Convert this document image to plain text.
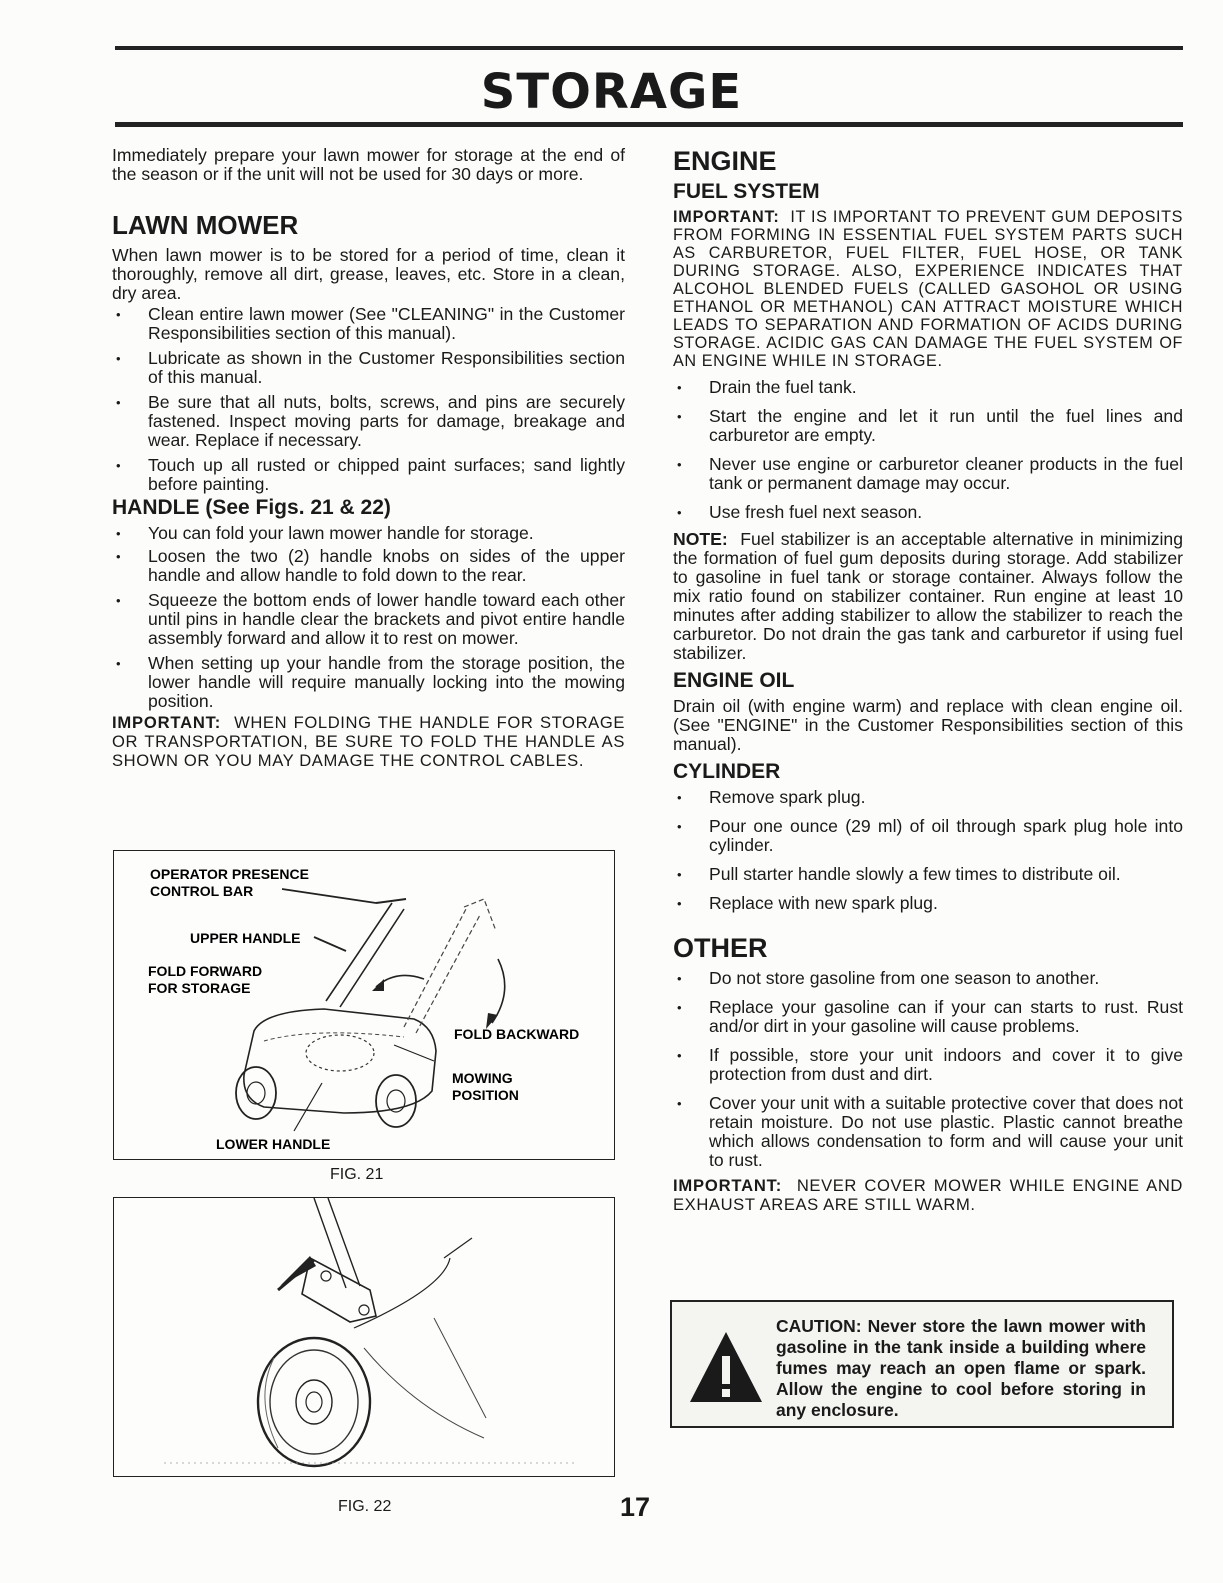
STORAGE

Immediately prepare your lawn mower for storage at the end of the season or if the unit will not be used for 30 days or more.

LAWN MOWER

When lawn mower is to be stored for a period of time, clean it thoroughly, remove all dirt, grease, leaves, etc. Store in a clean, dry area.

• Clean entire lawn mower (See "CLEANING" in the Customer Responsibilities section of this manual).
• Lubricate as shown in the Customer Responsibilities section of this manual.
• Be sure that all nuts, bolts, screws, and pins are securely fastened. Inspect moving parts for damage, breakage and wear. Replace if necessary.
• Touch up all rusted or chipped paint surfaces; sand lightly before painting.
HANDLE (See Figs. 21 & 22)
• You can fold your lawn mower handle for storage.
• Loosen the two (2) handle knobs on sides of the upper handle and allow handle to fold down to the rear.
• Squeeze the bottom ends of lower handle toward each other until pins in handle clear the brackets and pivot entire handle assembly forward and allow it to rest on mower.
• When setting up your handle from the storage position, the lower handle will require manually locking into the mowing position.

IMPORTANT: WHEN FOLDING THE HANDLE FOR STORAGE OR TRANSPORTATION, BE SURE TO FOLD THE HANDLE AS SHOWN OR YOU MAY DAMAGE THE CONTROL CABLES.

OPERATOR PRESENCE
CONTROL BAR
UPPER HANDLE
FOLD FORWARD
FOR STORAGE
FOLD BACKWARD
MOWING
POSITION
LOWER HANDLE
FIG. 21
FIG. 22
ENGINE
FUEL SYSTEM

IMPORTANT: IT IS IMPORTANT TO PREVENT GUM DEPOSITS FROM FORMING IN ESSENTIAL FUEL SYSTEM PARTS SUCH AS CARBURETOR, FUEL FILTER, FUEL HOSE, OR TANK DURING STORAGE. ALSO, EXPERIENCE INDICATES THAT ALCOHOL BLENDED FUELS (CALLED GASOHOL OR USING ETHANOL OR METHANOL) CAN ATTRACT MOISTURE WHICH LEADS TO SEPARATION AND FORMATION OF ACIDS DURING STORAGE. ACIDIC GAS CAN DAMAGE THE FUEL SYSTEM OF AN ENGINE WHILE IN STORAGE.

• Drain the fuel tank.
• Start the engine and let it run until the fuel lines and carburetor are empty.
• Never use engine or carburetor cleaner products in the fuel tank or permanent damage may occur.
• Use fresh fuel next season.

NOTE: Fuel stabilizer is an acceptable alternative in minimizing the formation of fuel gum deposits during storage. Add stabilizer to gasoline in fuel tank or storage container. Always follow the mix ratio found on stabilizer container. Run engine at least 10 minutes after adding stabilizer to allow the stabilizer to reach the carburetor. Do not drain the gas tank and carburetor if using fuel stabilizer.

ENGINE OIL

Drain oil (with engine warm) and replace with clean engine oil. (See "ENGINE" in the Customer Responsibilities section of this manual).

CYLINDER
• Remove spark plug.
• Pour one ounce (29 ml) of oil through spark plug hole into cylinder.
• Pull starter handle slowly a few times to distribute oil.
• Replace with new spark plug.
OTHER
• Do not store gasoline from one season to another.
• Replace your gasoline can if your can starts to rust. Rust and/or dirt in your gasoline will cause problems.
• If possible, store your unit indoors and cover it to give protection from dust and dirt.
• Cover your unit with a suitable protective cover that does not retain moisture. Do not use plastic. Plastic cannot breathe which allows condensation to form and will cause your unit to rust.

IMPORTANT: NEVER COVER MOWER WHILE ENGINE AND EXHAUST AREAS ARE STILL WARM.

CAUTION: Never store the lawn mower with gasoline in the tank inside a building where fumes may reach an open flame or spark. Allow the engine to cool before storing in any enclosure.
17
